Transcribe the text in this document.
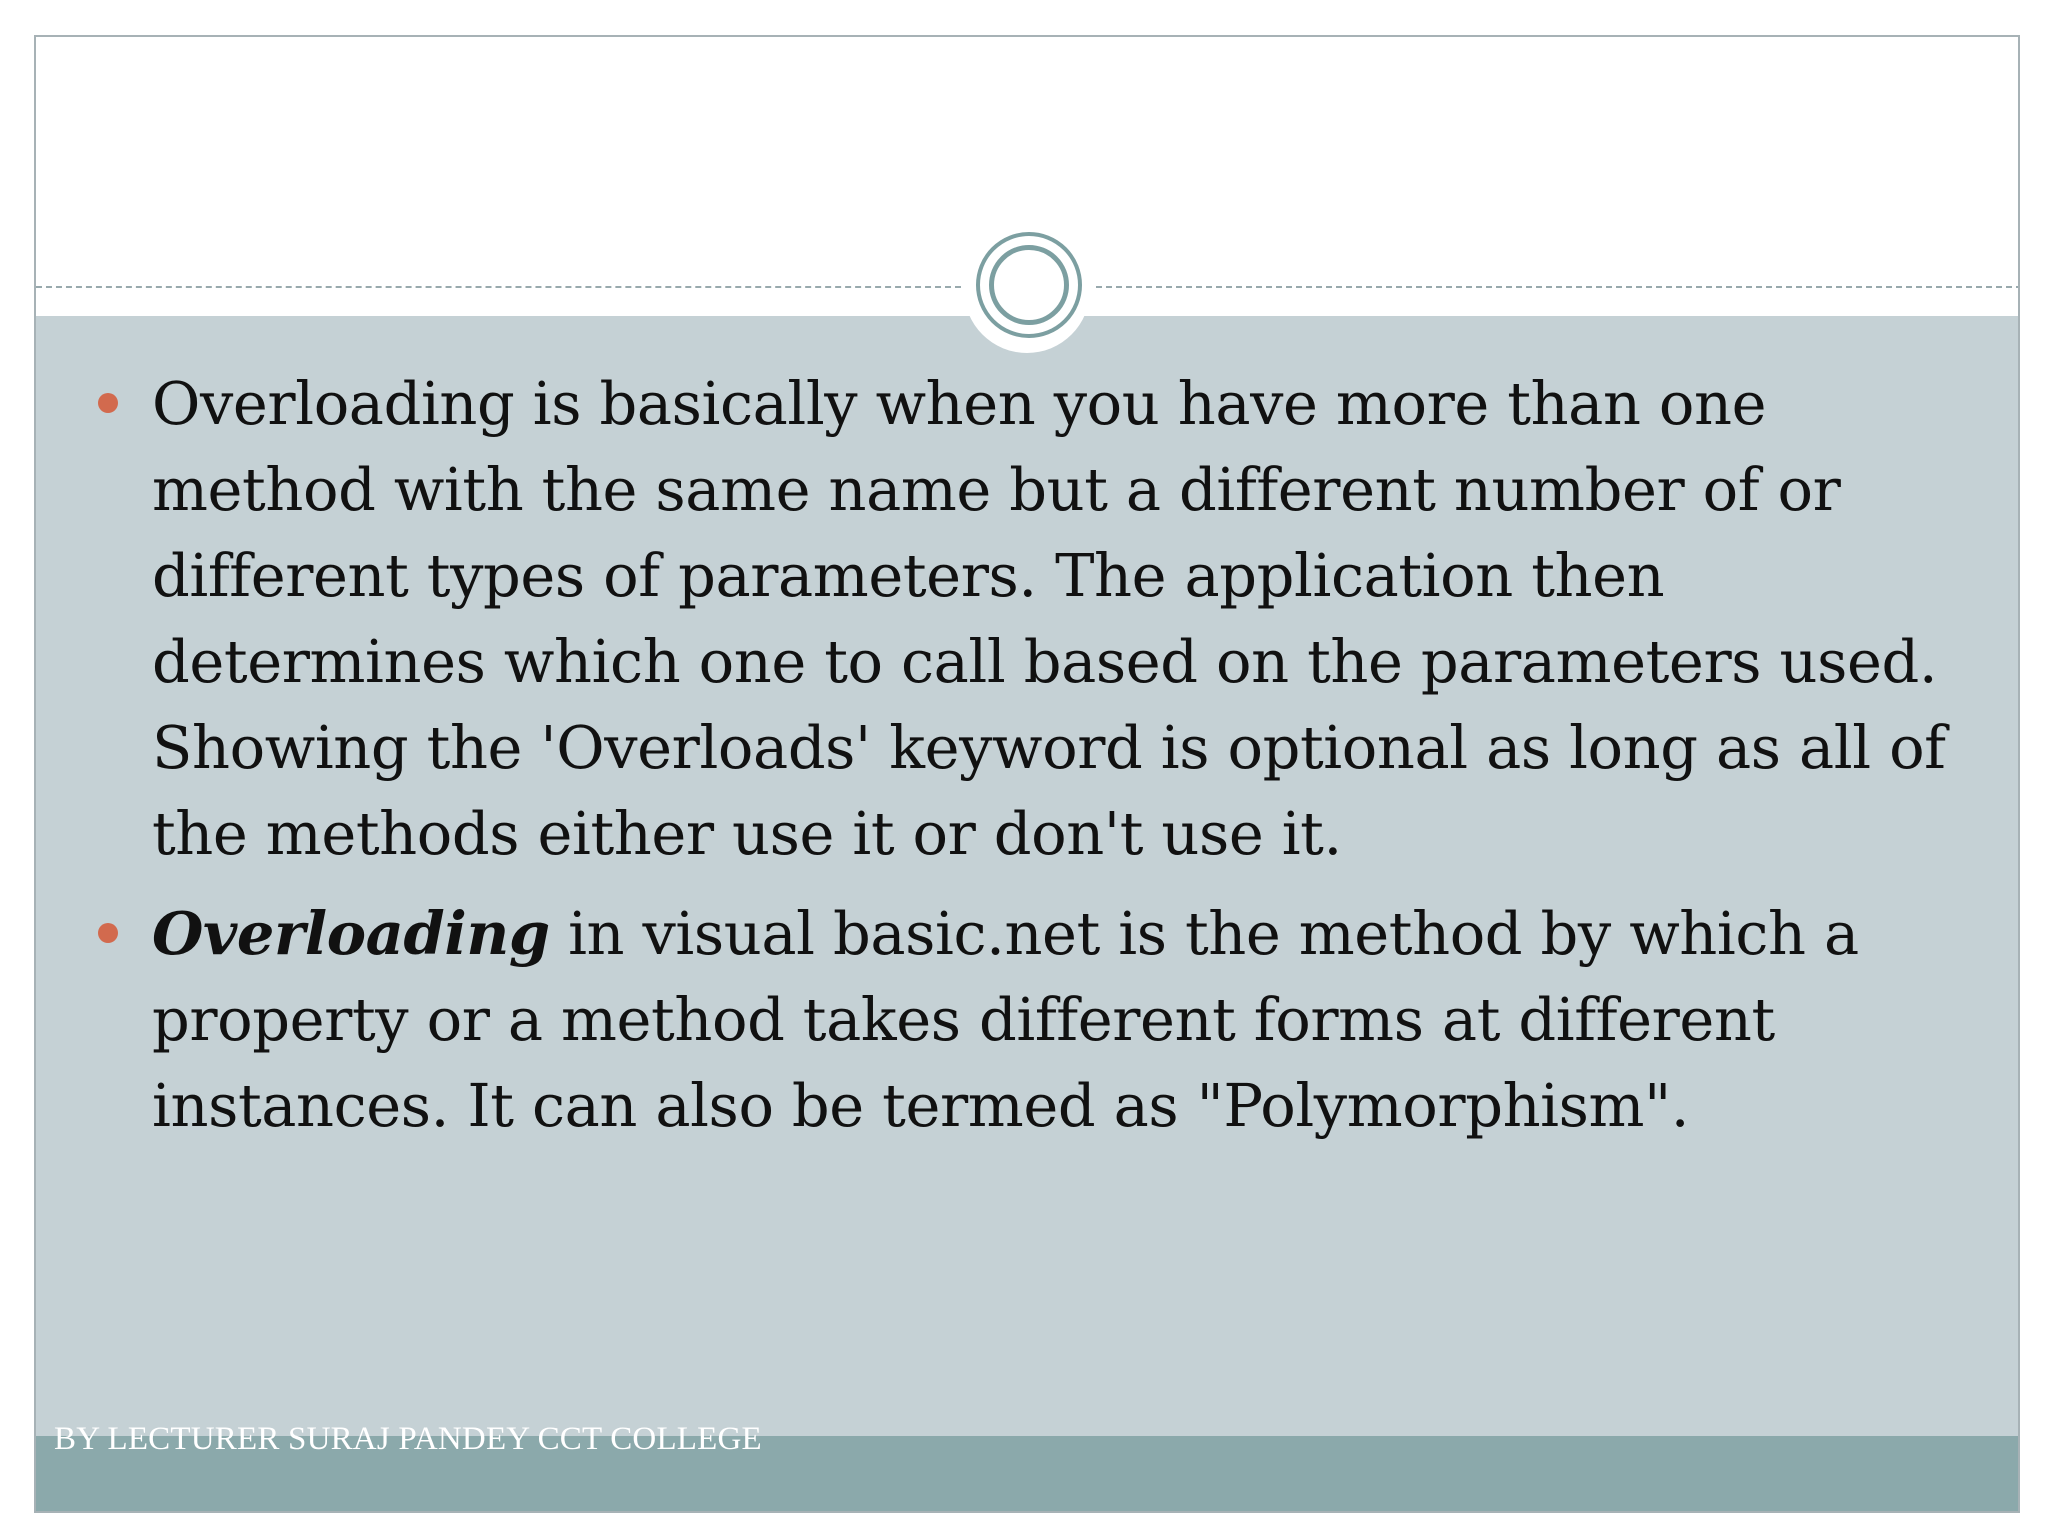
Overloading is basically when you have more than one method with the same name but a different number of or different types of parameters. The application then determines which one to call based on the parameters used. Showing the 'Overloads' keyword is optional as long as all of the methods either use it or don't use it.
Overloading in visual basic.net is the method by which a property or a method takes different forms at different instances. It can also be termed as "Polymorphism".
BY LECTURER SURAJ PANDEY CCT COLLEGE
